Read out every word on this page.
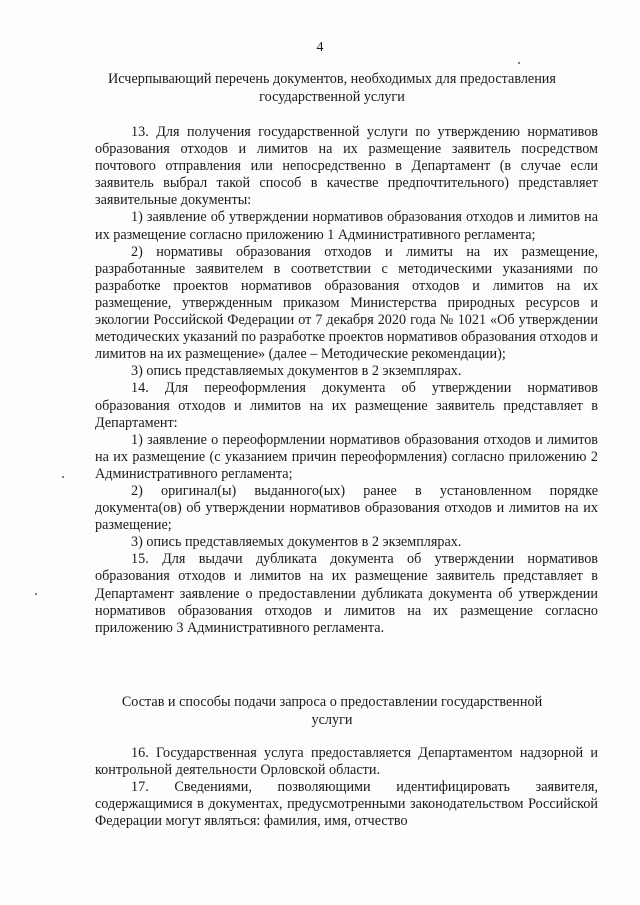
4
Исчерпывающий перечень документов, необходимых для предоставления
государственной услуги

13. Для получения государственной услуги по утверждению нормативов образования отходов и лимитов на их размещение заявитель посредством почтового отправления или непосредственно в Департамент (в случае если заявитель выбрал такой способ в качестве предпочтительного) представляет заявительные документы:

1) заявление об утверждении нормативов образования отходов и лимитов на их размещение согласно приложению 1 Административного регламента;

2) нормативы образования отходов и лимиты на их размещение, разработанные заявителем в соответствии с методическими указаниями по разработке проектов нормативов образования отходов и лимитов на их размещение, утвержденным приказом Министерства природных ресурсов и экологии Российской Федерации от 7 декабря 2020 года № 1021 «Об утверждении методических указаний по разработке проектов нормативов образования отходов и лимитов на их размещение» (далее – Методические рекомендации);

3) опись представляемых документов в 2 экземплярах.

14. Для переоформления документа об утверждении нормативов образования отходов и лимитов на их размещение заявитель представляет в Департамент:

1) заявление о переоформлении нормативов образования отходов и лимитов на их размещение (с указанием причин переоформления) согласно приложению 2 Административного регламента;

2) оригинал(ы) выданного(ых) ранее в установленном порядке документа(ов) об утверждении нормативов образования отходов и лимитов на их размещение;

3) опись представляемых документов в 2 экземплярах.

15. Для выдачи дубликата документа об утверждении нормативов образования отходов и лимитов на их размещение заявитель представляет в Департамент заявление о предоставлении дубликата документа об утверждении нормативов образования отходов и лимитов на их размещение согласно приложению 3 Административного регламента.

Состав и способы подачи запроса о предоставлении государственной
услуги

16. Государственная услуга предоставляется Департаментом надзорной и контрольной деятельности Орловской области.

17. Сведениями, позволяющими идентифицировать заявителя, содержащимися в документах, предусмотренными законодательством Российской Федерации могут являться: фамилия, имя, отчество
